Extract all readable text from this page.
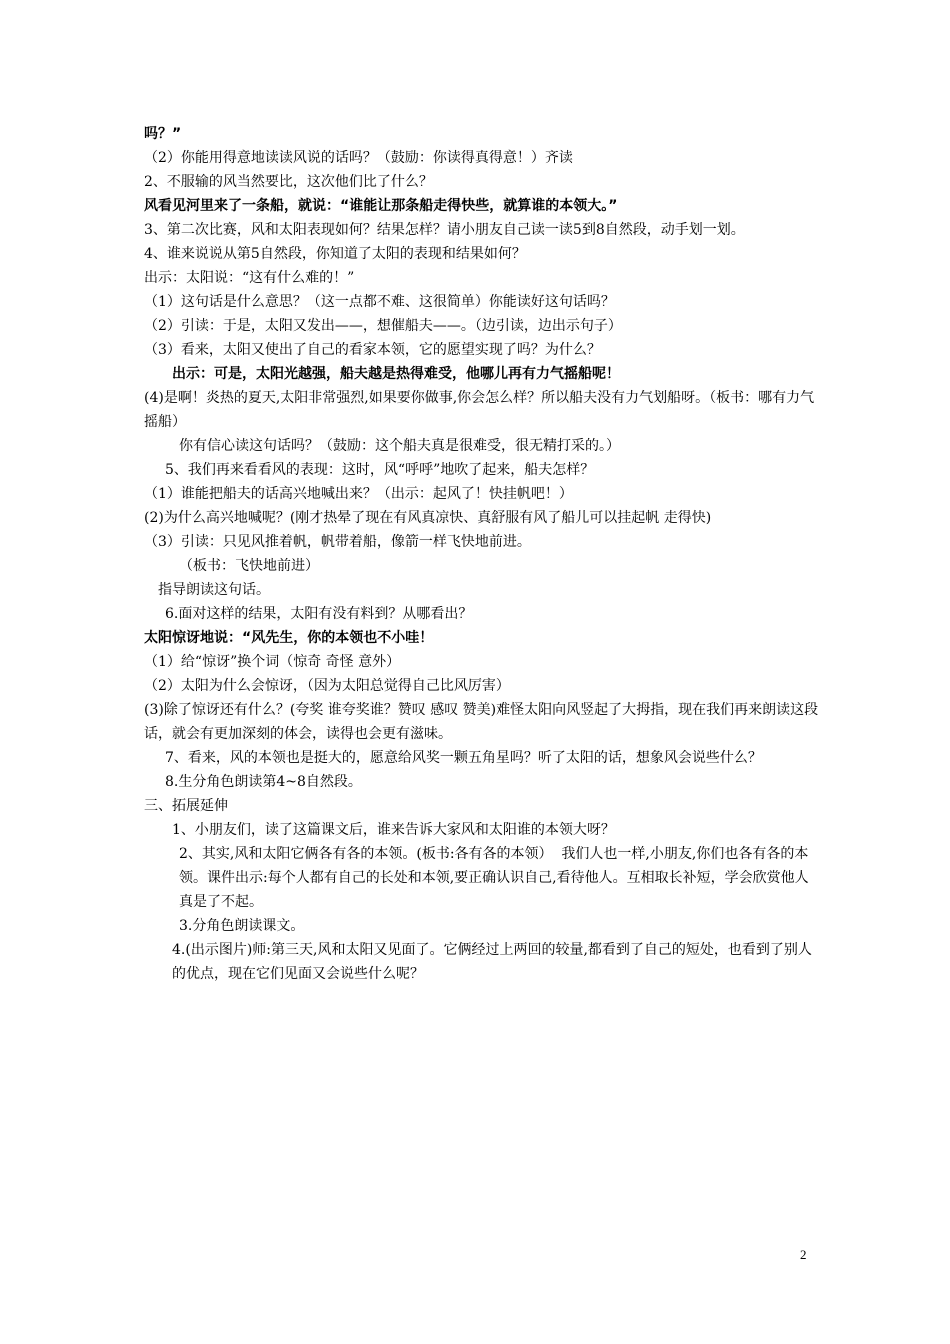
吗？”

（2）你能用得意地读读风说的话吗？（鼓励：你读得真得意！）齐读

2、不服输的风当然要比，这次他们比了什么？

风看见河里来了一条船，就说：“谁能让那条船走得快些，就算谁的本领大。”

3、第二次比赛，风和太阳表现如何？结果怎样？请小朋友自己读一读5到8自然段，动手划一划。

4、谁来说说从第5自然段，你知道了太阳的表现和结果如何？

出示：太阳说：“这有什么难的！”

（1）这句话是什么意思？（这一点都不难、这很简单）你能读好这句话吗？

（2）引读：于是，太阳又发出——，想催船夫——。（边引读，边出示句子）

（3）看来，太阳又使出了自己的看家本领，它的愿望实现了吗？为什么？

出示：可是，太阳光越强，船夫越是热得难受，他哪儿再有力气摇船呢！

(4)是啊！炎热的夏天,太阳非常强烈,如果要你做事,你会怎么样？所以船夫没有力气划船呀。（板书：哪有力气摇船）

你有信心读这句话吗？（鼓励：这个船夫真是很难受，很无精打采的。）

5、我们再来看看风的表现：这时，风“呼呼”地吹了起来，船夫怎样？

（1）谁能把船夫的话高兴地喊出来？（出示：起风了！快挂帆吧！）

(2)为什么高兴地喊呢？(刚才热晕了现在有风真凉快、真舒服有风了船儿可以挂起帆 走得快)

（3）引读：只见风推着帆，帆带着船，像箭一样飞快地前进。

（板书：飞快地前进）

指导朗读这句话。

6.面对这样的结果，太阳有没有料到？从哪看出？

太阳惊讶地说：“风先生，你的本领也不小哇！

（1）给“惊讶”换个词（惊奇 奇怪 意外）

（2）太阳为什么会惊讶，（因为太阳总觉得自己比风厉害）

(3)除了惊讶还有什么？(夸奖 谁夸奖谁？赞叹 感叹 赞美)难怪太阳向风竖起了大拇指，现在我们再来朗读这段话，就会有更加深刻的体会，读得也会更有滋味。

7、看来，风的本领也是挺大的，愿意给风奖一颗五角星吗？听了太阳的话，想象风会说些什么？

8.生分角色朗读第4~8自然段。

三、拓展延伸

1、小朋友们，读了这篇课文后，谁来告诉大家风和太阳谁的本领大呀？

2、其实,风和太阳它俩各有各的本领。(板书:各有各的本领）  我们人也一样,小朋友,你们也各有各的本领。课件出示:每个人都有自己的长处和本领,要正确认识自己,看待他人。互相取长补短，学会欣赏他人真是了不起。

3.分角色朗读课文。

4.(出示图片)师:第三天,风和太阳又见面了。它俩经过上两回的较量,都看到了自己的短处，也看到了别人的优点，现在它们见面又会说些什么呢？

2
